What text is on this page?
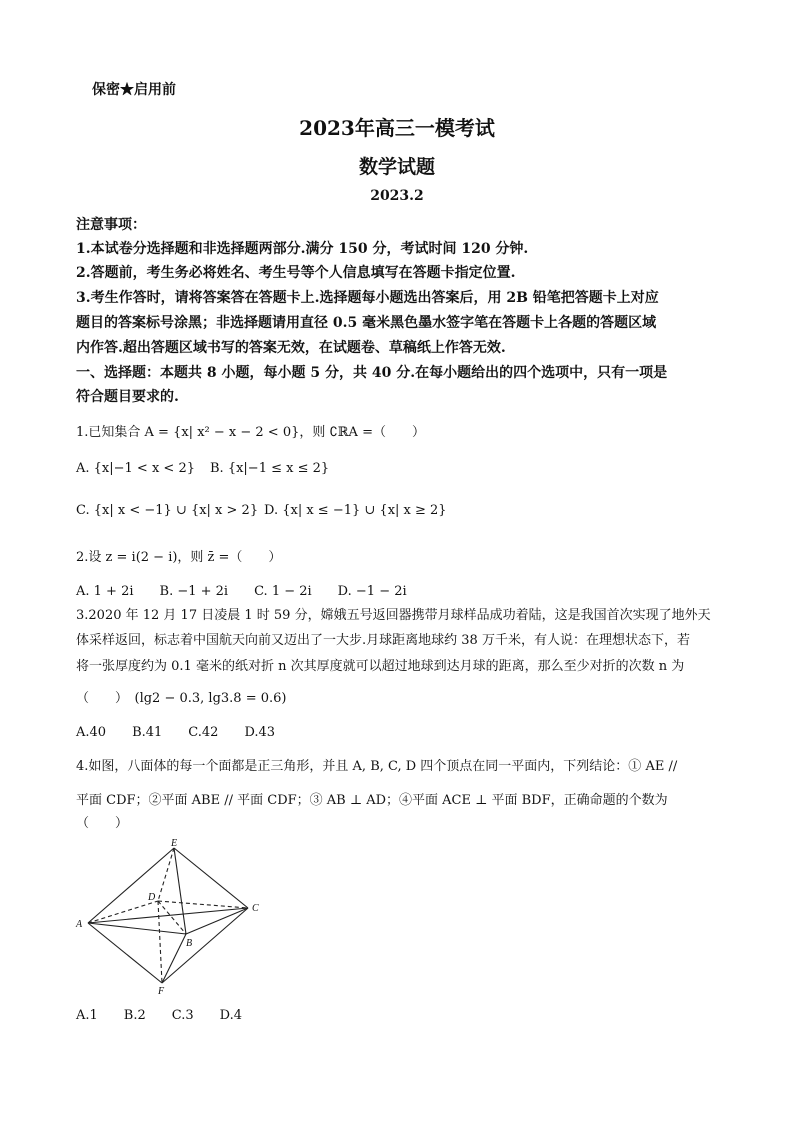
保密★启用前
2023年高三一模考试
数学试题
2023.2
注意事项：
1.本试卷分选择题和非选择题两部分.满分 150 分，考试时间 120 分钟.
2.答题前，考生务必将姓名、考生号等个人信息填写在答题卡指定位置.
3.考生作答时，请将答案答在答题卡上.选择题每小题选出答案后，用 2B 铅笔把答题卡上对应
题目的答案标号涂黑；非选择题请用直径 0.5 毫米黑色墨水签字笔在答题卡上各题的答题区域
内作答.超出答题区域书写的答案无效，在试题卷、草稿纸上作答无效.
一、选择题：本题共 8 小题，每小题 5 分，共 40 分.在每小题给出的四个选项中，只有一项是
符合题目要求的.
1.已知集合 A = {x| x² − x − 2 < 0}，则 ∁ℝA =（　　）
A. {x|−1 < x < 2} B. {x|−1 ≤ x ≤ 2}
C. {x| x < −1} ∪ {x| x > 2} D. {x| x ≤ −1} ∪ {x| x ≥ 2}
2.设 z = i(2 − i)，则 z̄ =（　　）
A. 1 + 2i　　B. −1 + 2i　　C. 1 − 2i　　D. −1 − 2i
3.2020 年 12 月 17 日凌晨 1 时 59 分，嫦娥五号返回器携带月球样品成功着陆，这是我国首次实现了地外天
体采样返回，标志着中国航天向前又迈出了一大步.月球距离地球约 38 万千米，有人说：在理想状态下，若
将一张厚度约为 0.1 毫米的纸对折 n 次其厚度就可以超过地球到达月球的距离，那么至少对折的次数 n 为
（　　）　(lg2 − 0.3, lg3.8 = 0.6)
A.40　　B.41　　C.42　　D.43
4.如图，八面体的每一个面都是正三角形，并且 A, B, C, D 四个顶点在同一平面内，下列结论：① AE //
平面 CDF；②平面 ABE // 平面 CDF；③ AB ⊥ AD；④平面 ACE ⊥ 平面 BDF，正确命题的个数为
（　　）
E
D
C
A
B
F
A.1　　B.2　　C.3　　D.4
